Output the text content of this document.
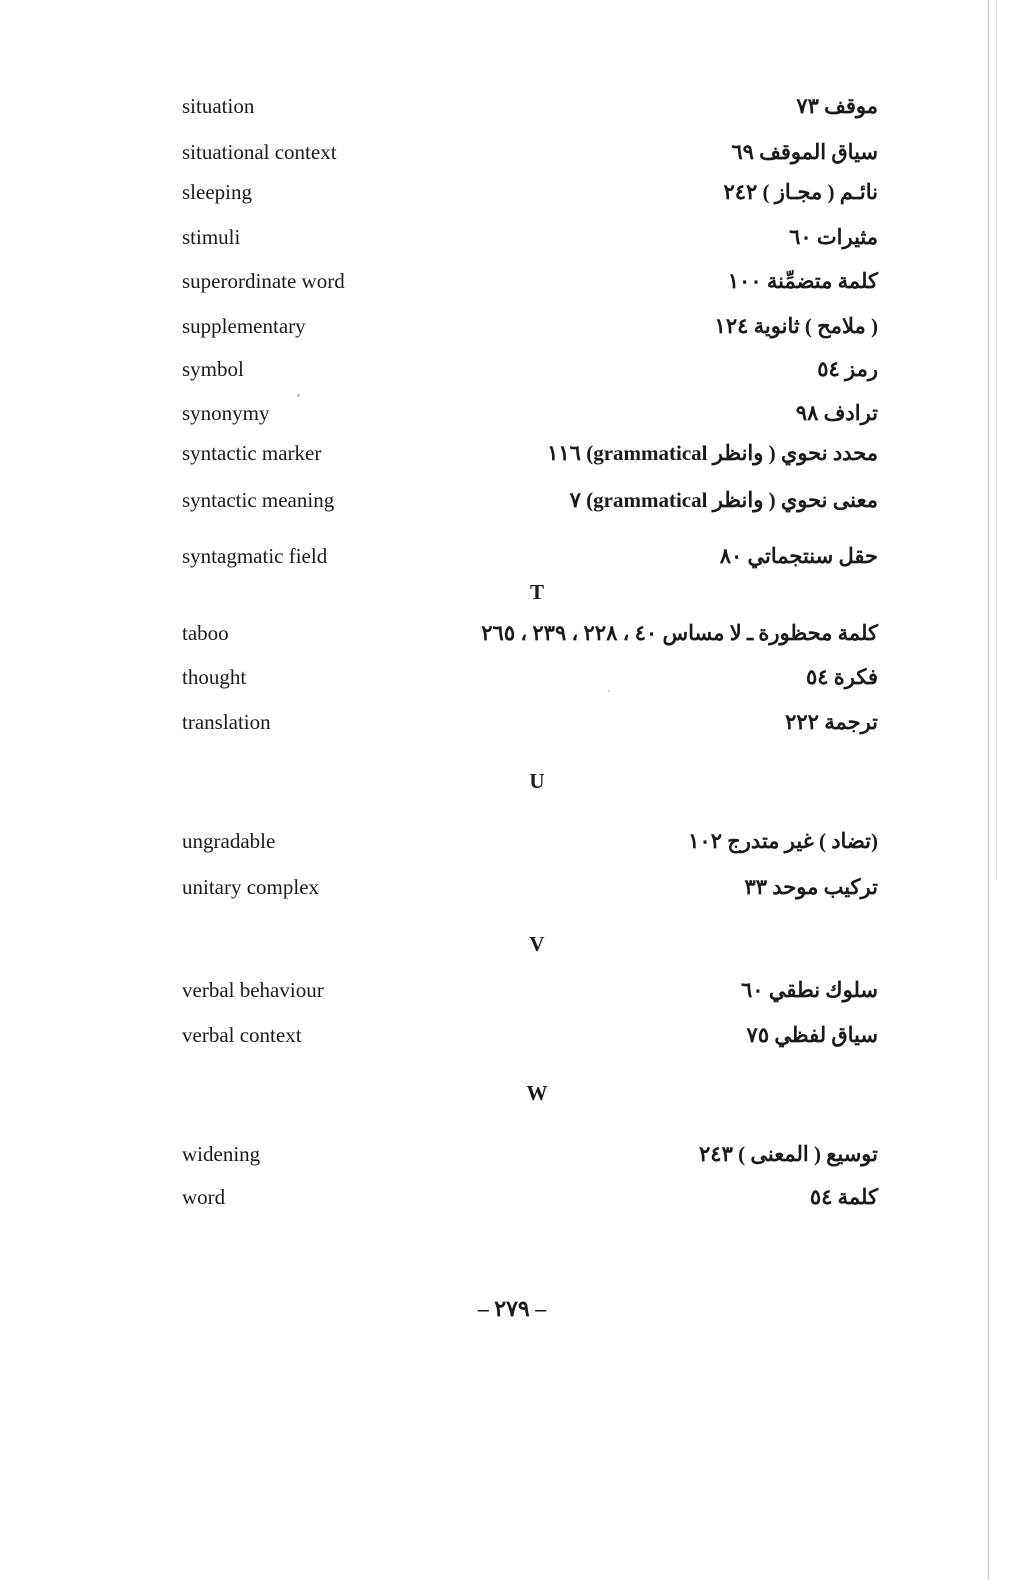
situation	موقف ٧٣
situational context	سياق الموقف ٦٩
sleeping	نائـم ( مجـاز ) ٢٤٢
stimuli	مثيرات ٦٠
superordinate word	كلمة متضمِّنة ١٠٠
supplementary	( ملامح ) ثانوية ١٢٤
symbol	رمز ٥٤
synonymy	ترادف ٩٨
syntactic marker	محدد نحوي ( وانظر grammatical) ١١٦
syntactic meaning	معنى نحوي ( وانظر grammatical) ٧
syntagmatic field	حقل سنتجماتي ٨٠
T
taboo	كلمة محظورة ـ لا مساس ٤٠ ، ٢٢٨ ، ٢٣٩ ، ٢٦٥
thought	فكرة ٥٤
translation	ترجمة ٢٢٢
U
ungradable	(تضاد ) غير متدرج ١٠٢
unitary complex	تركيب موحد ٣٣
V
verbal behaviour	سلوك نطقي ٦٠
verbal context	سياق لفظي ٧٥
W
widening	توسيع ( المعنى ) ٢٤٣
word	كلمة ٥٤
– ٢٧٩ –
